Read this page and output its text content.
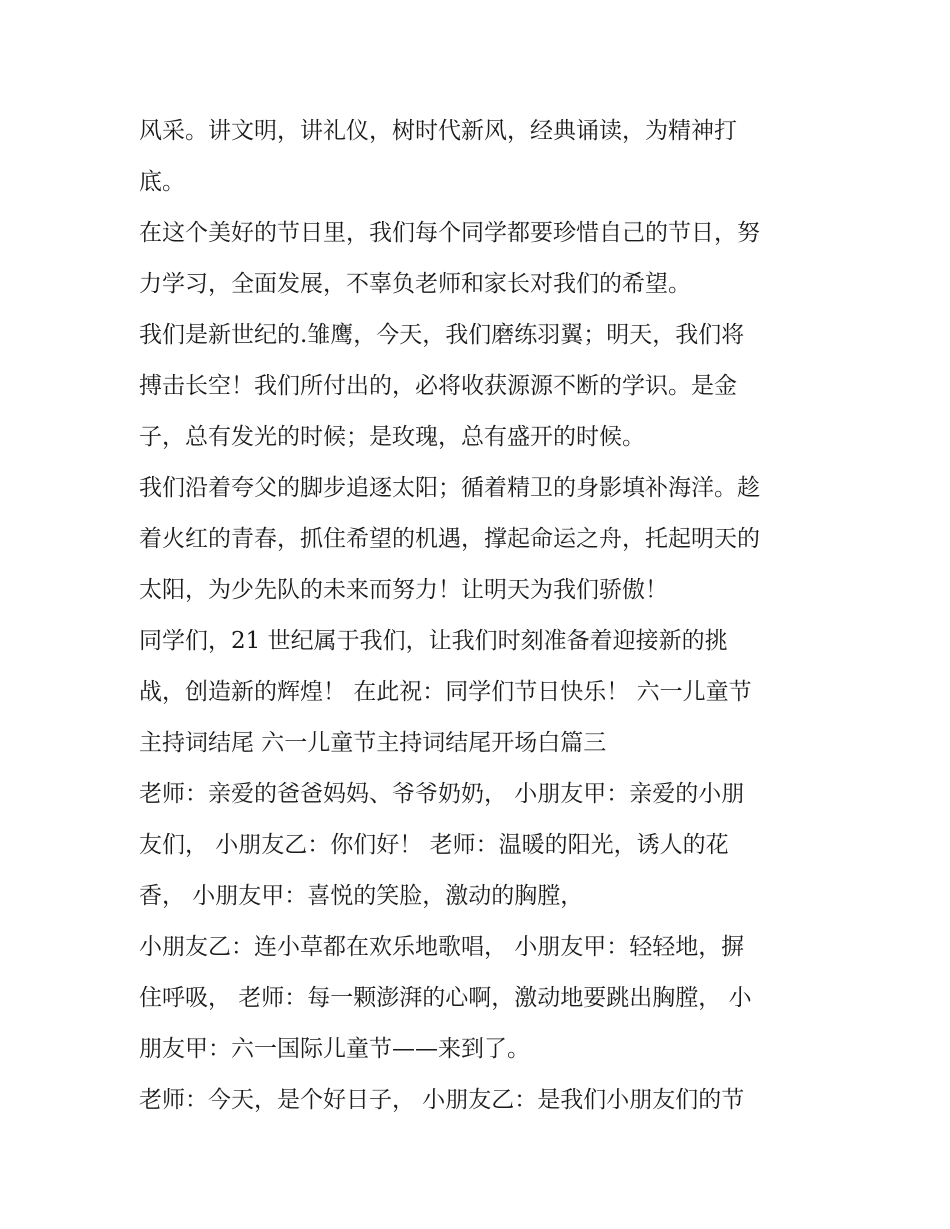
风采。讲文明，讲礼仪，树时代新风，经典诵读，为精神打
底。
在这个美好的节日里，我们每个同学都要珍惜自己的节日，努
力学习，全面发展，不辜负老师和家长对我们的希望。
我们是新世纪的.雏鹰，今天，我们磨练羽翼；明天，我们将
搏击长空！我们所付出的，必将收获源源不断的学识。是金
子，总有发光的时候；是玫瑰，总有盛开的时候。
我们沿着夸父的脚步追逐太阳；循着精卫的身影填补海洋。趁
着火红的青春，抓住希望的机遇，撑起命运之舟，托起明天的
太阳，为少先队的未来而努力！让明天为我们骄傲！
同学们，21 世纪属于我们，让我们时刻准备着迎接新的挑
战，创造新的辉煌！ 在此祝：同学们节日快乐！ 六一儿童节
主持词结尾 六一儿童节主持词结尾开场白篇三
老师：亲爱的爸爸妈妈、爷爷奶奶， 小朋友甲：亲爱的小朋
友们， 小朋友乙：你们好！ 老师：温暖的阳光，诱人的花
香， 小朋友甲：喜悦的笑脸，激动的胸膛，
小朋友乙：连小草都在欢乐地歌唱， 小朋友甲：轻轻地，摒
住呼吸， 老师：每一颗澎湃的心啊，激动地要跳出胸膛， 小
朋友甲：六一国际儿童节——来到了。
老师：今天，是个好日子， 小朋友乙：是我们小朋友们的节
